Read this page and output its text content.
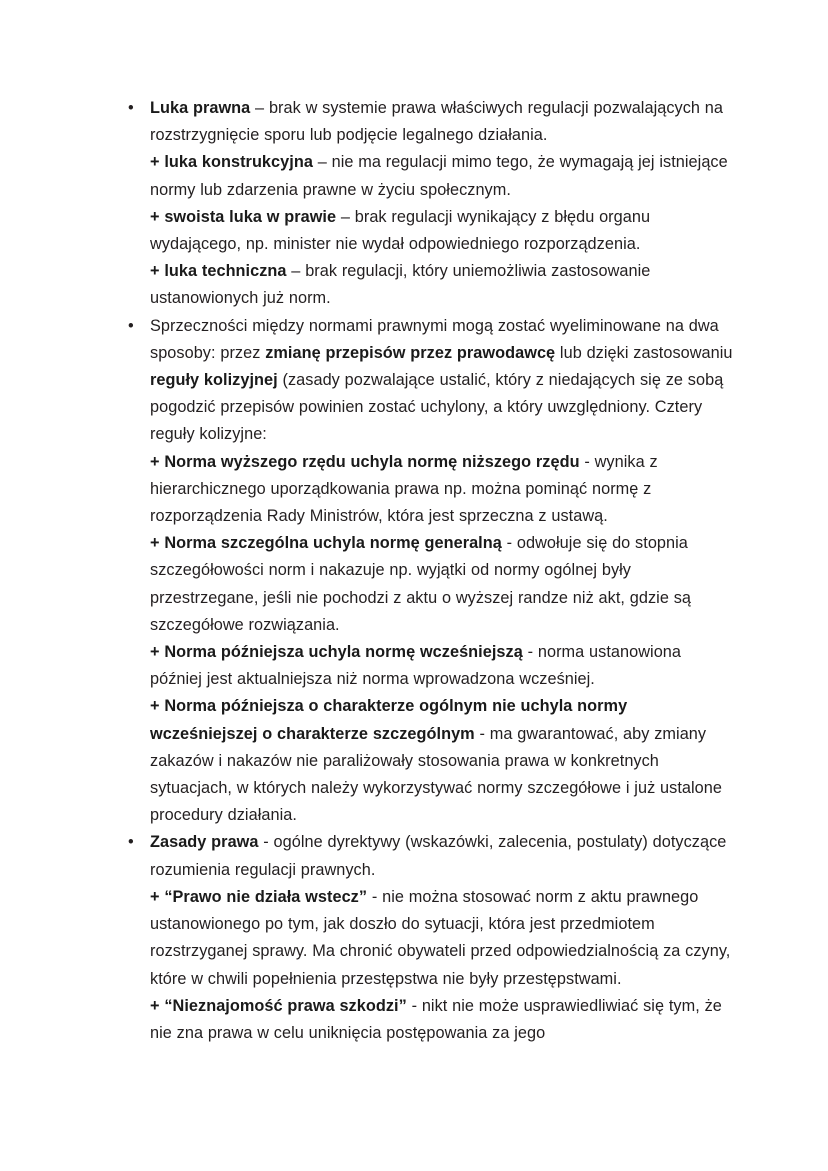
• Luka prawna – brak w systemie prawa właściwych regulacji pozwalających na rozstrzygnięcie sporu lub podjęcie legalnego działania.

+ luka konstrukcyjna – nie ma regulacji mimo tego, że wymagają jej istniejące normy lub zdarzenia prawne w życiu społecznym.

+ swoista luka w prawie – brak regulacji wynikający z błędu organu wydającego, np. minister nie wydał odpowiedniego rozporządzenia.

+ luka techniczna – brak regulacji, który uniemożliwia zastosowanie ustanowionych już norm.

• Sprzeczności między normami prawnymi mogą zostać wyeliminowane na dwa sposoby: przez zmianę przepisów przez prawodawcę lub dzięki zastosowaniu reguły kolizyjnej (zasady pozwalające ustalić, który z niedających się ze sobą pogodzić przepisów powinien zostać uchylony, a który uwzględniony. Cztery reguły kolizyjne:

+ Norma wyższego rzędu uchyla normę niższego rzędu - wynika z hierarchicznego uporządkowania prawa np. można pominąć normę z rozporządzenia Rady Ministrów, która jest sprzeczna z ustawą.

+ Norma szczególna uchyla normę generalną - odwołuje się do stopnia szczegółowości norm i nakazuje np. wyjątki od normy ogólnej były przestrzegane, jeśli nie pochodzi z aktu o wyższej randze niż akt, gdzie są szczegółowe rozwiązania.

+ Norma późniejsza uchyla normę wcześniejszą - norma ustanowiona później jest aktualniejsza niż norma wprowadzona wcześniej.

+ Norma późniejsza o charakterze ogólnym nie uchyla normy wcześniejszej o charakterze szczególnym - ma gwarantować, aby zmiany zakazów i nakazów nie paraliżowały stosowania prawa w konkretnych sytuacjach, w których należy wykorzystywać normy szczegółowe i już ustalone procedury działania.

• Zasady prawa - ogólne dyrektywy (wskazówki, zalecenia, postulaty) dotyczące rozumienia regulacji prawnych.

+ “Prawo nie działa wstecz” - nie można stosować norm z aktu prawnego ustanowionego po tym, jak doszło do sytuacji, która jest przedmiotem rozstrzyganej sprawy. Ma chronić obywateli przed odpowiedzialnością za czyny, które w chwili popełnienia przestępstwa nie były przestępstwami.

+ “Nieznajomość prawa szkodzi” - nikt nie może usprawiedliwiać się tym, że nie zna prawa w celu uniknięcia postępowania za jego
